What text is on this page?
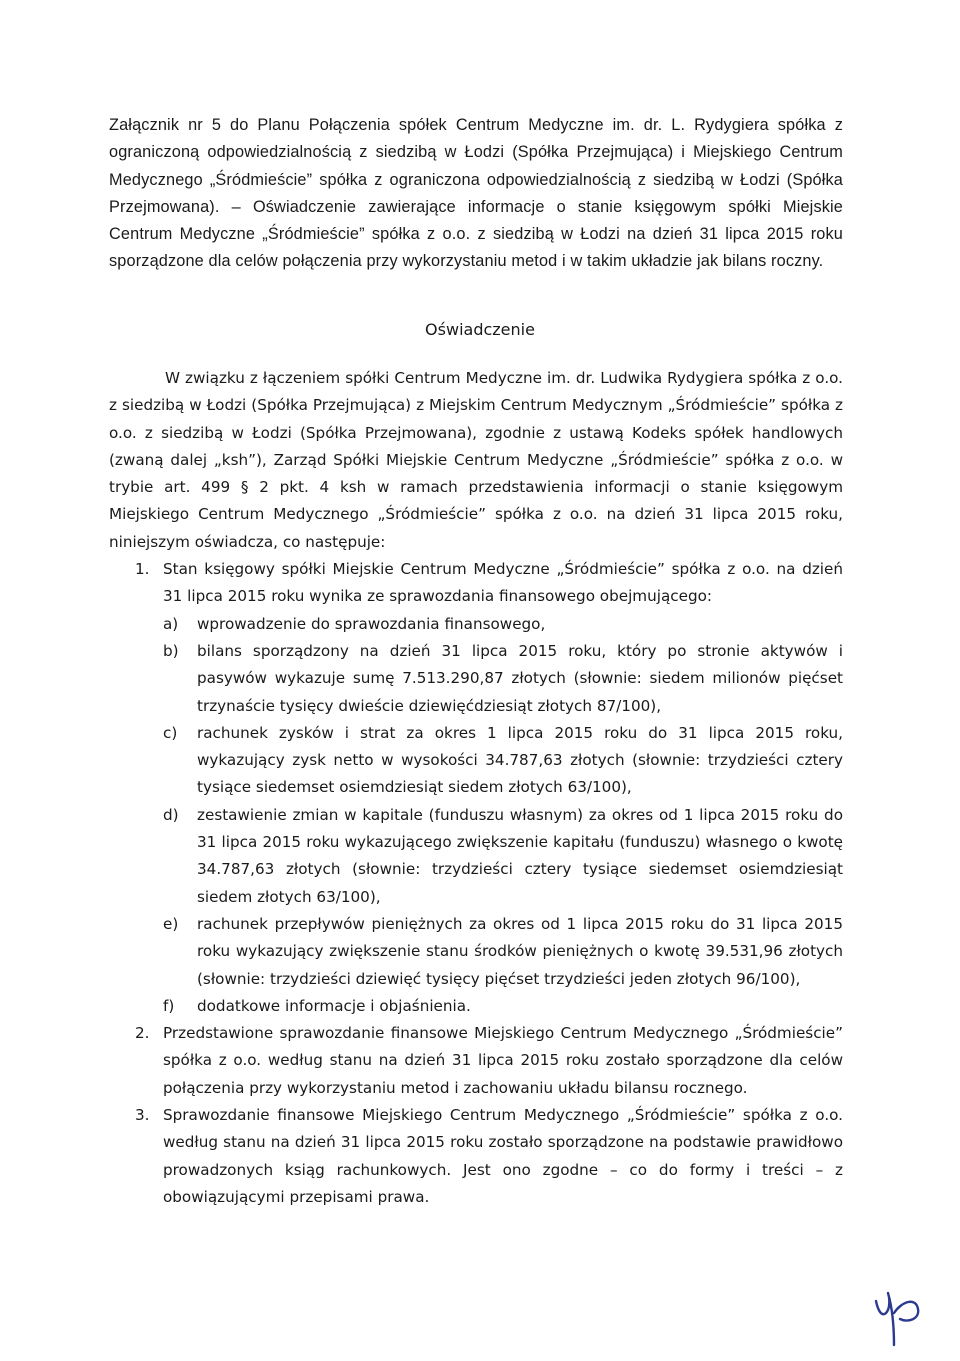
Załącznik nr 5 do Planu Połączenia spółek Centrum Medyczne im. dr. L. Rydygiera spółka z ograniczoną odpowiedzialnością z siedzibą w Łodzi (Spółka Przejmująca) i Miejskiego Centrum Medycznego „Śródmieście” spółka z ograniczona odpowiedzialnością z siedzibą w Łodzi (Spółka Przejmowana). – Oświadczenie zawierające informacje o stanie księgowym spółki Miejskie Centrum Medyczne „Śródmieście” spółka z o.o. z siedzibą w Łodzi na dzień 31 lipca 2015 roku sporządzone dla celów połączenia przy wykorzystaniu metod i w takim układzie jak bilans roczny.
Oświadczenie

W związku z łączeniem spółki Centrum Medyczne im. dr. Ludwika Rydygiera spółka z o.o. z siedzibą w Łodzi (Spółka Przejmująca) z Miejskim Centrum Medycznym „Śródmieście” spółka z o.o. z siedzibą w Łodzi (Spółka Przejmowana), zgodnie z ustawą Kodeks spółek handlowych (zwaną dalej „ksh”), Zarząd Spółki Miejskie Centrum Medyczne „Śródmieście” spółka z o.o. w trybie art. 499 § 2 pkt. 4 ksh w ramach przedstawienia informacji o stanie księgowym Miejskiego Centrum Medycznego „Śródmieście” spółka z o.o. na dzień 31 lipca 2015 roku, niniejszym oświadcza, co następuje:

1. Stan księgowy spółki Miejskie Centrum Medyczne „Śródmieście” spółka z o.o. na dzień 31 lipca 2015 roku wynika ze sprawozdania finansowego obejmującego:
a) wprowadzenie do sprawozdania finansowego,
b) bilans sporządzony na dzień 31 lipca 2015 roku, który po stronie aktywów i pasywów wykazuje sumę 7.513.290,87 złotych (słownie: siedem milionów pięćset trzynaście tysięcy dwieście dziewięćdziesiąt złotych 87/100),
c) rachunek zysków i strat za okres 1 lipca 2015 roku do 31 lipca 2015 roku, wykazujący zysk netto w wysokości 34.787,63 złotych (słownie: trzydzieści cztery tysiące siedemset osiemdziesiąt siedem złotych 63/100),
d) zestawienie zmian w kapitale (funduszu własnym) za okres od 1 lipca 2015 roku do 31 lipca 2015 roku wykazującego zwiększenie kapitału (funduszu) własnego o kwotę 34.787,63 złotych (słownie: trzydzieści cztery tysiące siedemset osiemdziesiąt siedem złotych 63/100),
e) rachunek przepływów pieniężnych za okres od 1 lipca 2015 roku do 31 lipca 2015 roku wykazujący zwiększenie stanu środków pieniężnych o kwotę 39.531,96 złotych (słownie: trzydzieści dziewięć tysięcy pięćset trzydzieści jeden złotych 96/100),
f) dodatkowe informacje i objaśnienia.
2. Przedstawione sprawozdanie finansowe Miejskiego Centrum Medycznego „Śródmieście” spółka z o.o. według stanu na dzień 31 lipca 2015 roku zostało sporządzone dla celów połączenia przy wykorzystaniu metod i zachowaniu układu bilansu rocznego.
3. Sprawozdanie finansowe Miejskiego Centrum Medycznego „Śródmieście” spółka z o.o. według stanu na dzień 31 lipca 2015 roku zostało sporządzone na podstawie prawidłowo prowadzonych ksiąg rachunkowych. Jest ono zgodne – co do formy i treści – z obowiązującymi przepisami prawa.
